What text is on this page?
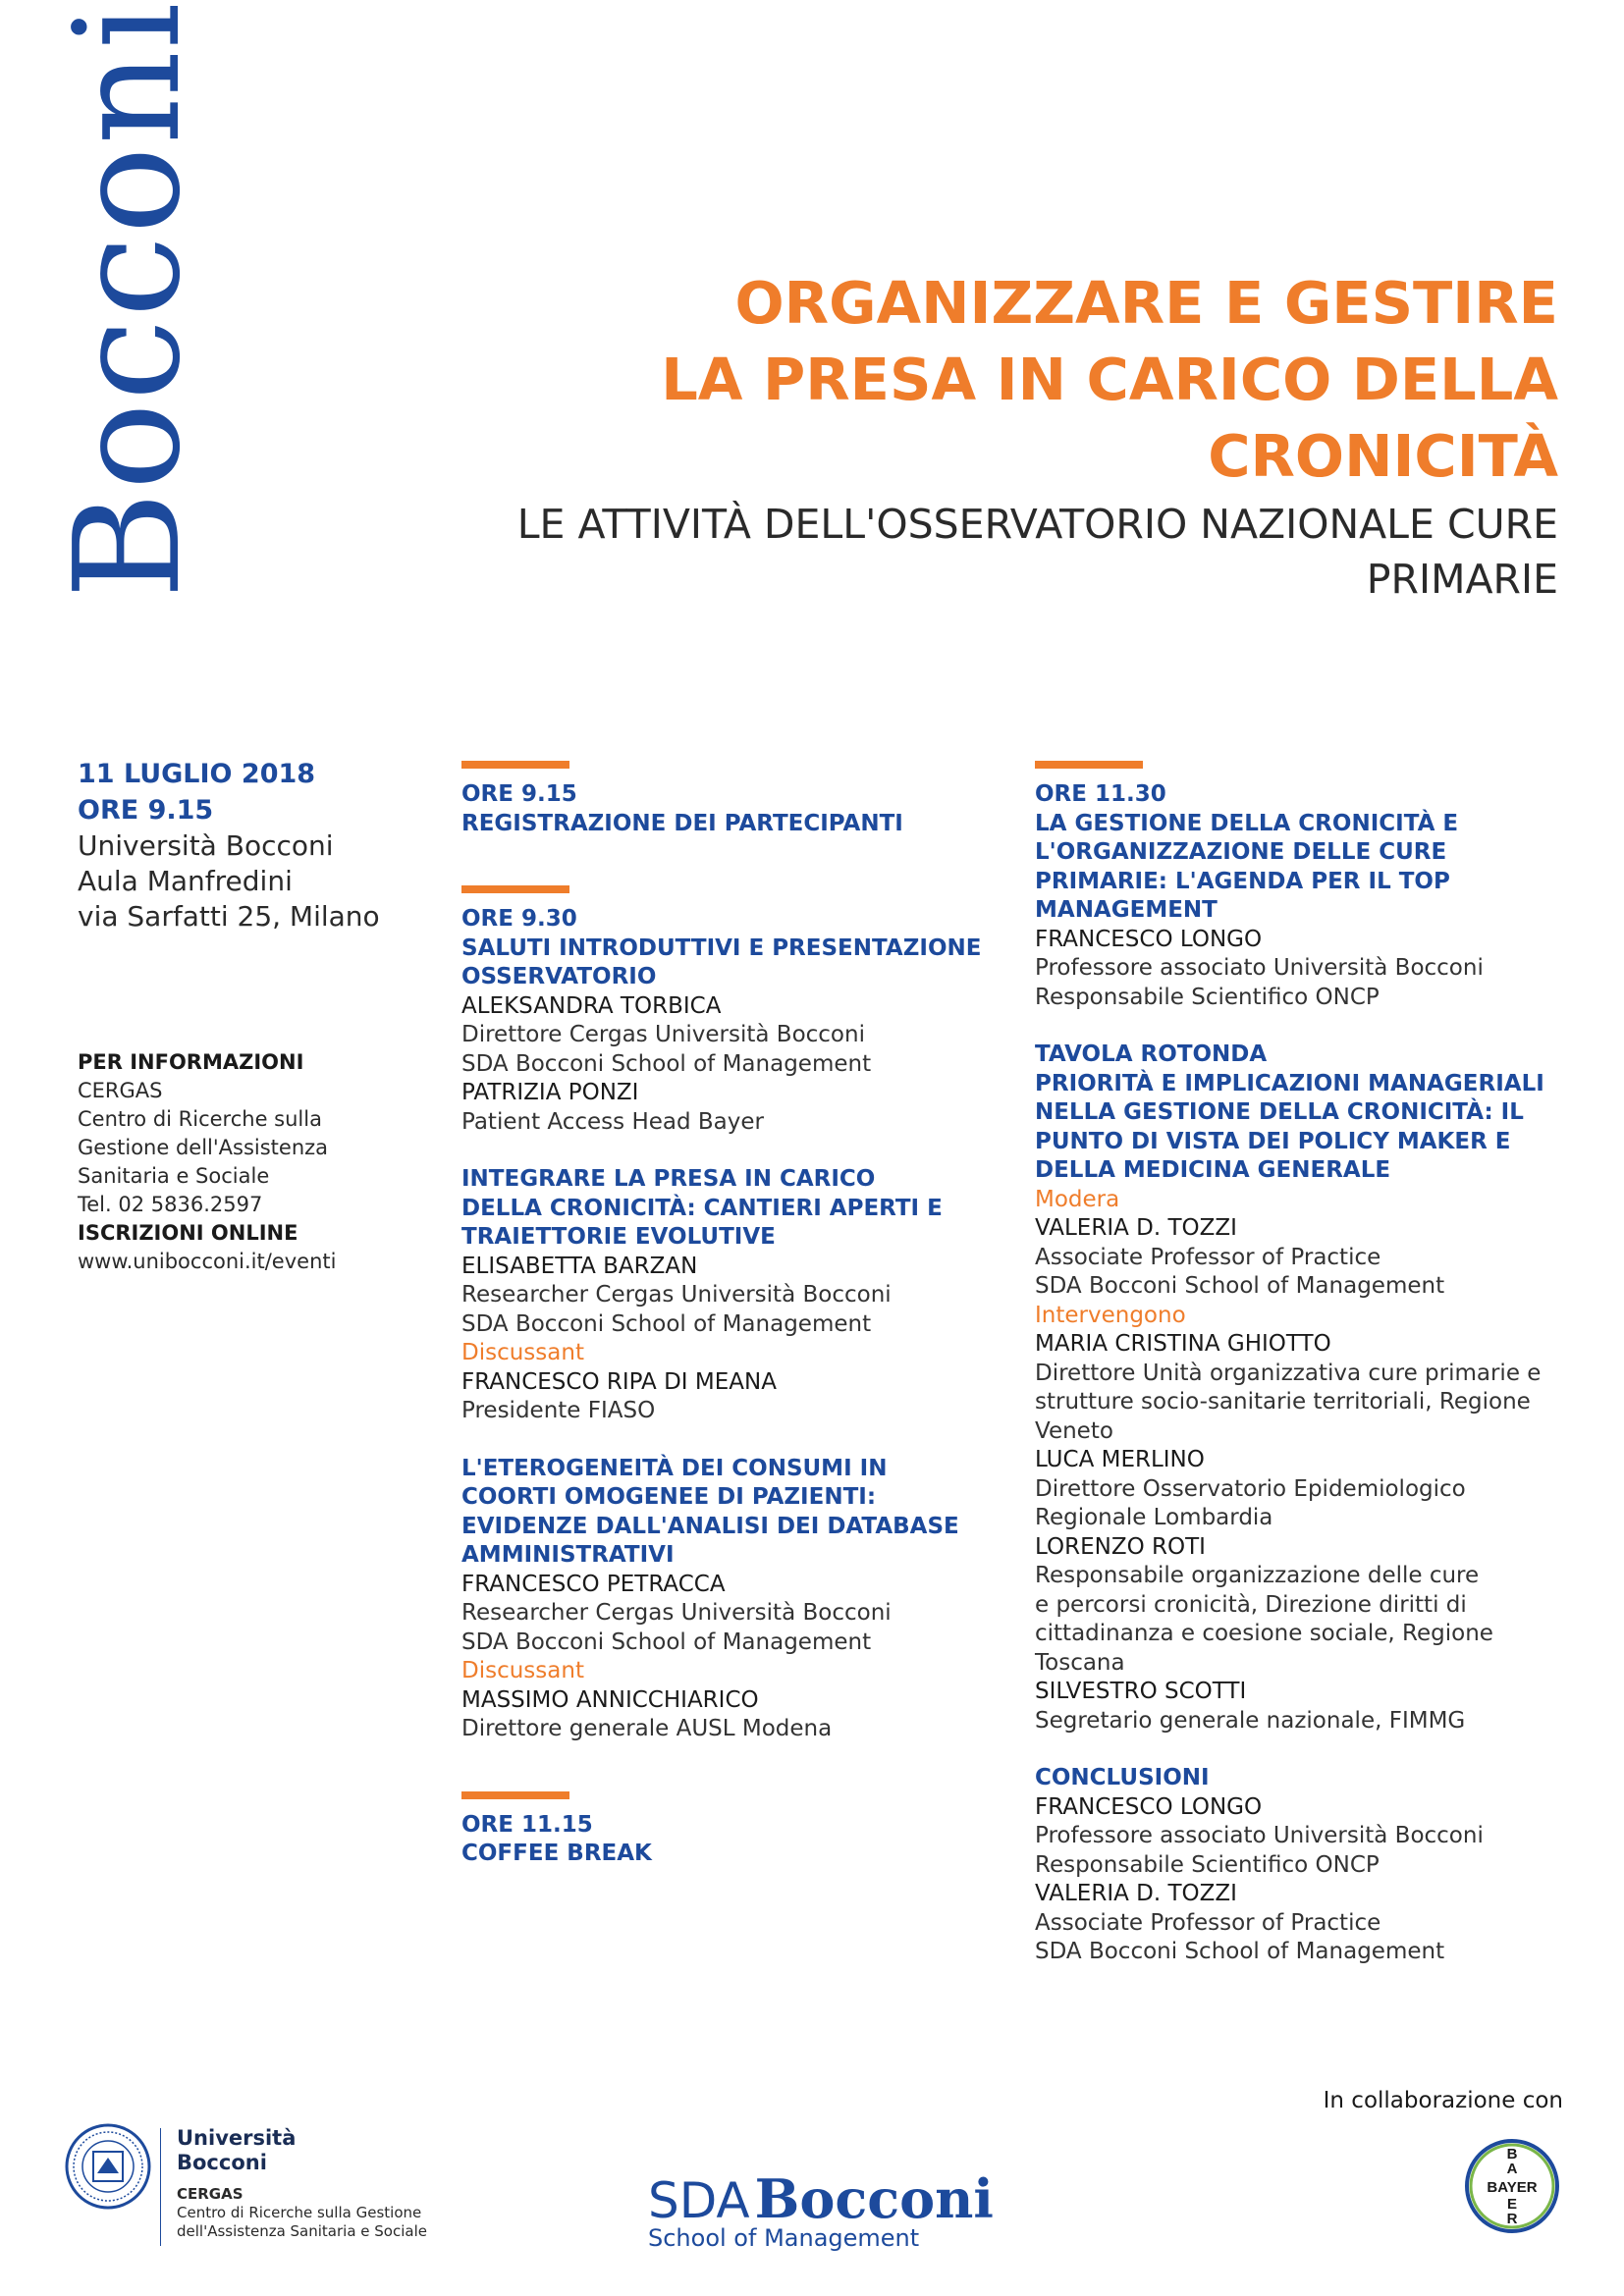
Bocconi	ORGANIZZARE E GESTIRE
LA PRESA IN CARICO DELLA
CRONICITÀ
LE ATTIVITÀ DELL'OSSERVATORIO NAZIONALE CURE
PRIMARIE
11 LUGLIO 2018
ORE 9.15
Università Bocconi
Aula Manfredini
via Sarfatti 25, Milano
PER INFORMAZIONI
CERGAS
Centro di Ricerche sulla
Gestione dell'Assistenza
Sanitaria e Sociale
Tel. 02 5836.2597
ISCRIZIONI ONLINE
www.unibocconi.it/eventi
ORE 9.15
REGISTRAZIONE DEI PARTECIPANTI
ORE 9.30
SALUTI INTRODUTTIVI E PRESENTAZIONE
OSSERVATORIO
ALEKSANDRA TORBICA
Direttore Cergas Università Bocconi
SDA Bocconi School of Management
PATRIZIA PONZI
Patient Access Head Bayer
INTEGRARE LA PRESA IN CARICO
DELLA CRONICITÀ: CANTIERI APERTI E
TRAIETTORIE EVOLUTIVE
ELISABETTA BARZAN
Researcher Cergas Università Bocconi
SDA Bocconi School of Management
Discussant
FRANCESCO RIPA DI MEANA
Presidente FIASO
L'ETEROGENEITÀ DEI CONSUMI IN
COORTI OMOGENEE DI PAZIENTI:
EVIDENZE DALL'ANALISI DEI DATABASE
AMMINISTRATIVI
FRANCESCO PETRACCA
Researcher Cergas Università Bocconi
SDA Bocconi School of Management
Discussant
MASSIMO ANNICCHIARICO
Direttore generale AUSL Modena
ORE 11.15
COFFEE BREAK
ORE 11.30
LA GESTIONE DELLA CRONICITÀ E
L'ORGANIZZAZIONE DELLE CURE
PRIMARIE: L'AGENDA PER IL TOP
MANAGEMENT
FRANCESCO LONGO
Professore associato Università Bocconi
Responsabile Scientifico ONCP
TAVOLA ROTONDA
PRIORITÀ E IMPLICAZIONI MANAGERIALI
NELLA GESTIONE DELLA CRONICITÀ: IL
PUNTO DI VISTA DEI POLICY MAKER E
DELLA MEDICINA GENERALE
Modera
VALERIA D. TOZZI
Associate Professor of Practice
SDA Bocconi School of Management
Intervengono
MARIA CRISTINA GHIOTTO
Direttore Unità organizzativa cure primarie e
strutture socio-sanitarie territoriali, Regione
Veneto
LUCA MERLINO
Direttore Osservatorio Epidemiologico
Regionale Lombardia
LORENZO ROTI
Responsabile organizzazione delle cure
e percorsi cronicità, Direzione diritti di
cittadinanza e coesione sociale, Regione
Toscana
SILVESTRO SCOTTI
Segretario generale nazionale, FIMMG
CONCLUSIONI
FRANCESCO LONGO
Professore associato Università Bocconi
Responsabile Scientifico ONCP
VALERIA D. TOZZI
Associate Professor of Practice
SDA Bocconi School of Management
In collaborazione con
Università
Bocconi
CERGAS
Centro di Ricerche sulla Gestione
dell'Assistenza Sanitaria e Sociale
SDA Bocconi
School of Management
B
A
BAYER
E
R
